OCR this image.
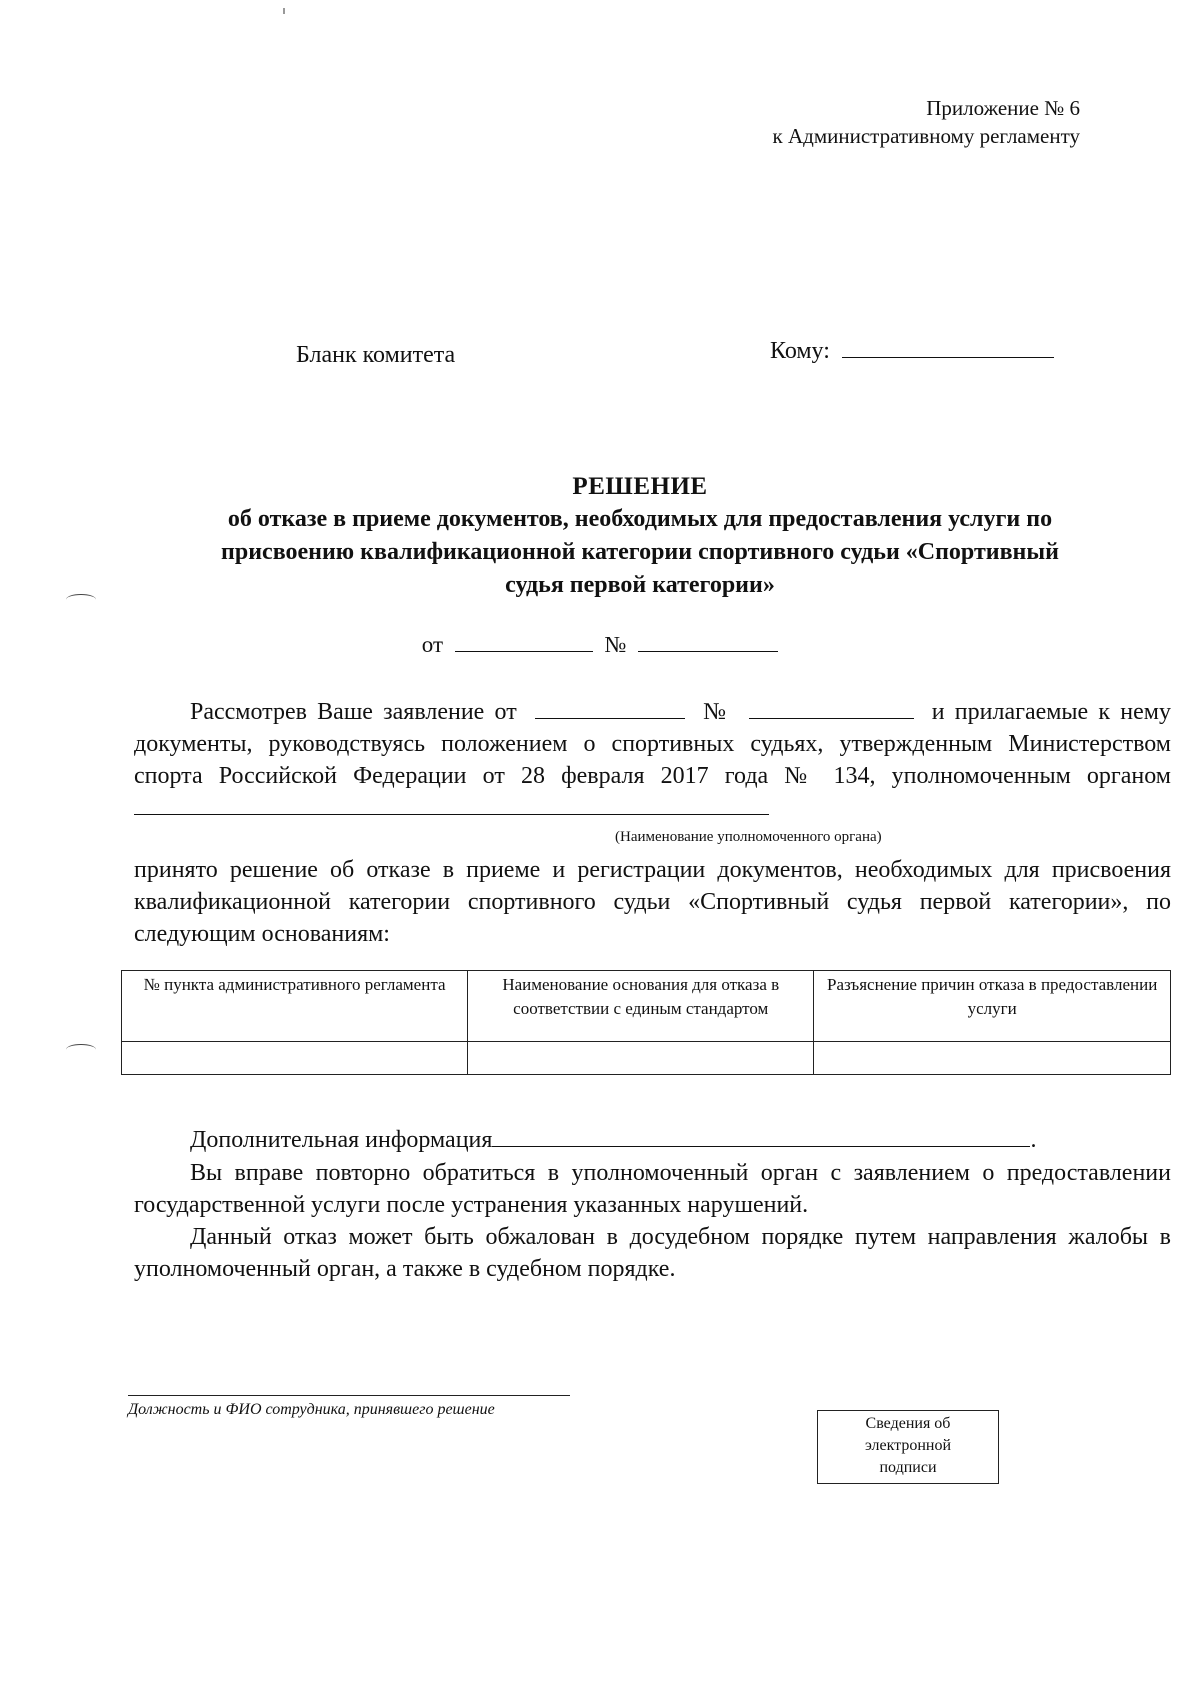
Приложение № 6
к Административному регламенту
Бланк комитета	Кому:
РЕШЕНИЕ
об отказе в приеме документов, необходимых для предоставления услуги по
присвоению квалификационной категории спортивного судьи «Спортивный
судья первой категории»
от	№
Рассмотрев Ваше заявление от	№	и прилагаемые к нему документы, руководствуясь положением о спортивных судьях, утвержденным Министерством спорта Российской Федерации от 28 февраля 2017 года № 134, уполномоченным органом
(Наименование уполномоченного органа)
принято решение об отказе в приеме и регистрации документов, необходимых для присвоения квалификационной категории спортивного судьи «Спортивный судья первой категории», по следующим основаниям:
№ пункта административного регламента	Наименование основания для отказа в соответствии с единым стандартом	Разъяснение причин отказа в предоставлении услуги

Дополнительная информация	.
Вы вправе повторно обратиться в уполномоченный орган с заявлением о предоставлении государственной услуги после устранения указанных нарушений.
Данный отказ может быть обжалован в досудебном порядке путем направления жалобы в уполномоченный орган, а также в судебном порядке.
Должность и ФИО сотрудника, принявшего решение
Сведения об
электронной
подписи
